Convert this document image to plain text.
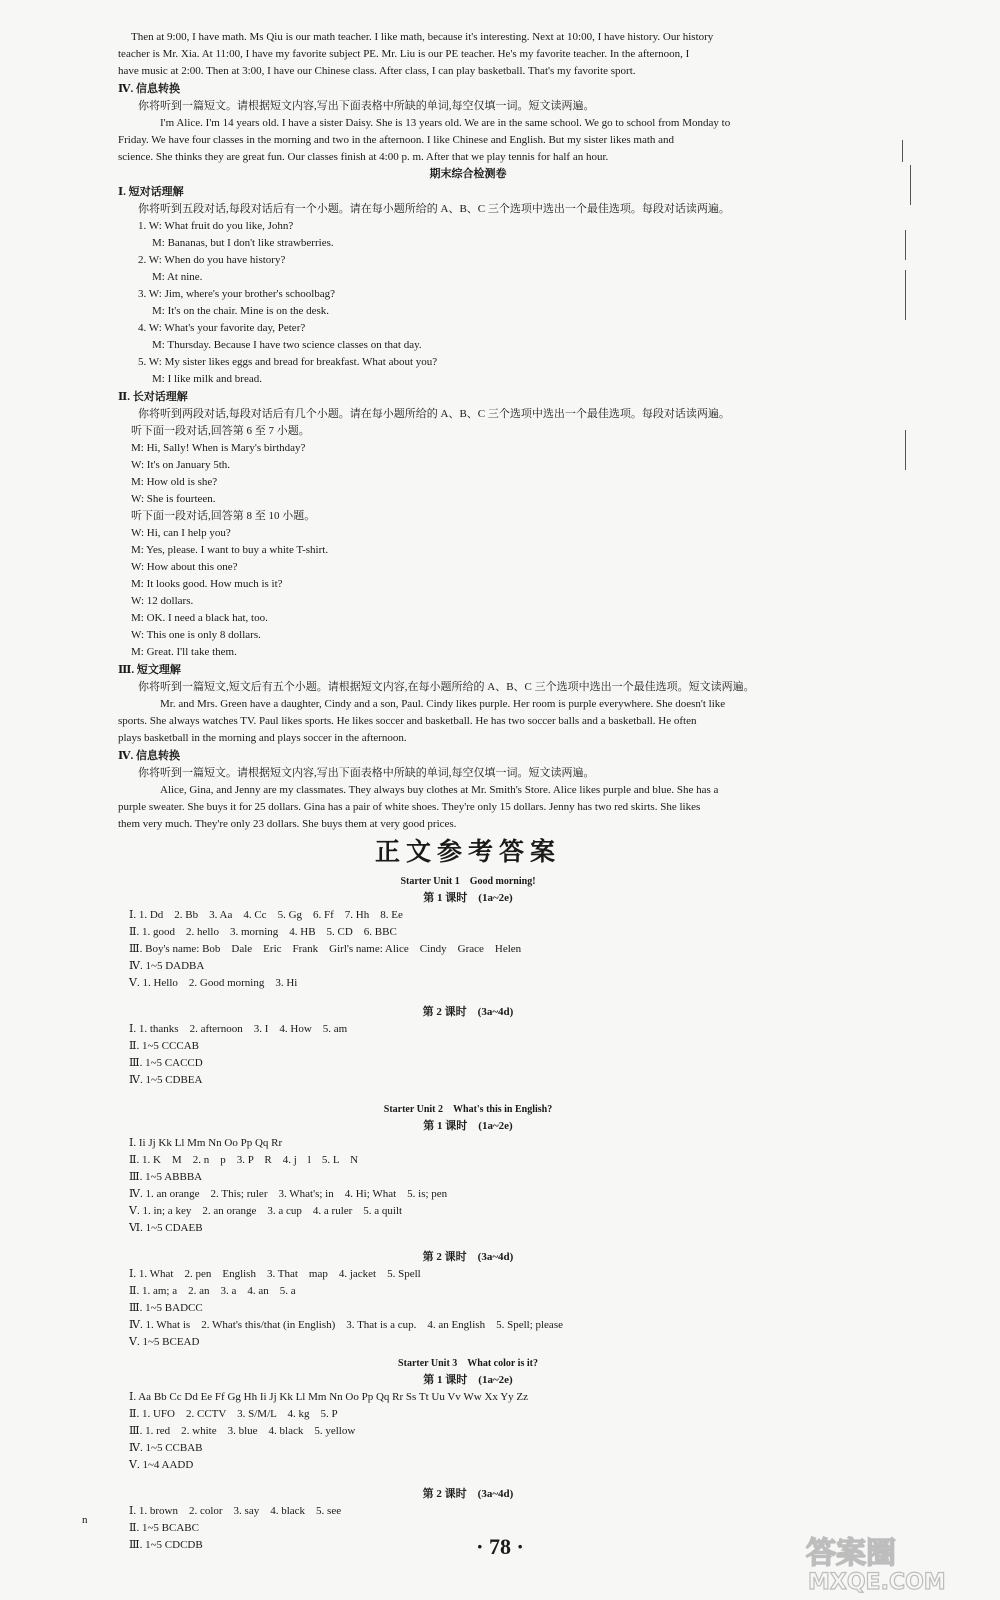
Then at 9:00, I have math. Ms Qiu is our math teacher. I like math, because it's interesting. Next at 10:00, I have history. Our history

teacher is Mr. Xia. At 11:00, I have my favorite subject PE. Mr. Liu is our PE teacher. He's my favorite teacher. In the afternoon, I

have music at 2:00. Then at 3:00, I have our Chinese class. After class, I can play basketball. That's my favorite sport.

Ⅳ. 信息转换

你将听到一篇短文。请根据短文内容,写出下面表格中所缺的单词,每空仅填一词。短文读两遍。

I'm Alice. I'm 14 years old. I have a sister Daisy. She is 13 years old. We are in the same school. We go to school from Monday to

Friday. We have four classes in the morning and two in the afternoon. I like Chinese and English. But my sister likes math and

science. She thinks they are great fun. Our classes finish at 4:00 p. m. After that we play tennis for half an hour.

期末综合检测卷

Ⅰ. 短对话理解

你将听到五段对话,每段对话后有一个小题。请在每小题所给的 A、B、C 三个选项中选出一个最佳选项。每段对话读两遍。

1. W: What fruit do you like, John?

M: Bananas, but I don't like strawberries.

2. W: When do you have history?

M: At nine.

3. W: Jim, where's your brother's schoolbag?

M: It's on the chair. Mine is on the desk.

4. W: What's your favorite day, Peter?

M: Thursday. Because I have two science classes on that day.

5. W: My sister likes eggs and bread for breakfast. What about you?

M: I like milk and bread.

Ⅱ. 长对话理解

你将听到两段对话,每段对话后有几个小题。请在每小题所给的 A、B、C 三个选项中选出一个最佳选项。每段对话读两遍。

听下面一段对话,回答第 6 至 7 小题。

M: Hi, Sally! When is Mary's birthday?

W: It's on January 5th.

M: How old is she?

W: She is fourteen.

听下面一段对话,回答第 8 至 10 小题。

W: Hi, can I help you?

M: Yes, please. I want to buy a white T-shirt.

W: How about this one?

M: It looks good. How much is it?

W: 12 dollars.

M: OK. I need a black hat, too.

W: This one is only 8 dollars.

M: Great. I'll take them.

Ⅲ. 短文理解

你将听到一篇短文,短文后有五个小题。请根据短文内容,在每小题所给的 A、B、C 三个选项中选出一个最佳选项。短文读两遍。

Mr. and Mrs. Green have a daughter, Cindy and a son, Paul. Cindy likes purple. Her room is purple everywhere. She doesn't like

sports. She always watches TV. Paul likes sports. He likes soccer and basketball. He has two soccer balls and a basketball. He often

plays basketball in the morning and plays soccer in the afternoon.

Ⅳ. 信息转换

你将听到一篇短文。请根据短文内容,写出下面表格中所缺的单词,每空仅填一词。短文读两遍。

Alice, Gina, and Jenny are my classmates. They always buy clothes at Mr. Smith's Store. Alice likes purple and blue. She has a

purple sweater. She buys it for 25 dollars. Gina has a pair of white shoes. They're only 15 dollars. Jenny has two red skirts. She likes

them very much. They're only 23 dollars. She buys them at very good prices.

正文参考答案

Starter Unit 1　Good morning!

第 1 课时　(1a~2e)

Ⅰ. 1. Dd　2. Bb　3. Aa　4. Cc　5. Gg　6. Ff　7. Hh　8. Ee

Ⅱ. 1. good　2. hello　3. morning　4. HB　5. CD　6. BBC

Ⅲ. Boy's name: Bob　Dale　Eric　Frank　Girl's name: Alice　Cindy　Grace　Helen

Ⅳ. 1~5 DADBA

Ⅴ. 1. Hello　2. Good morning　3. Hi

第 2 课时　(3a~4d)

Ⅰ. 1. thanks　2. afternoon　3. I　4. How　5. am

Ⅱ. 1~5 CCCAB

Ⅲ. 1~5 CACCD

Ⅳ. 1~5 CDBEA

Starter Unit 2　What's this in English?

第 1 课时　(1a~2e)

Ⅰ. Ii Jj Kk Ll Mm Nn Oo Pp Qq Rr

Ⅱ. 1. K　M　2. n　p　3. P　R　4. j　l　5. L　N

Ⅲ. 1~5 ABBBA

Ⅳ. 1. an orange　2. This; ruler　3. What's; in　4. Hi; What　5. is; pen

Ⅴ. 1. in; a key　2. an orange　3. a cup　4. a ruler　5. a quilt

Ⅵ. 1~5 CDAEB

第 2 课时　(3a~4d)

Ⅰ. 1. What　2. pen　English　3. That　map　4. jacket　5. Spell

Ⅱ. 1. am; a　2. an　3. a　4. an　5. a

Ⅲ. 1~5 BADCC

Ⅳ. 1. What is　2. What's this/that (in English)　3. That is a cup.　4. an English　5. Spell; please

Ⅴ. 1~5 BCEAD

Starter Unit 3　What color is it?

第 1 课时　(1a~2e)

Ⅰ. Aa Bb Cc Dd Ee Ff Gg Hh Ii Jj Kk Ll Mm Nn Oo Pp Qq Rr Ss Tt Uu Vv Ww Xx Yy Zz

Ⅱ. 1. UFO　2. CCTV　3. S/M/L　4. kg　5. P

Ⅲ. 1. red　2. white　3. blue　4. black　5. yellow

Ⅳ. 1~5 CCBAB

Ⅴ. 1~4 AADD

第 2 课时　(3a~4d)

Ⅰ. 1. brown　2. color　3. say　4. black　5. see

Ⅱ. 1~5 BCABC

Ⅲ. 1~5 CDCDB

n
· 78 ·	答案圈
MXQE.COM
